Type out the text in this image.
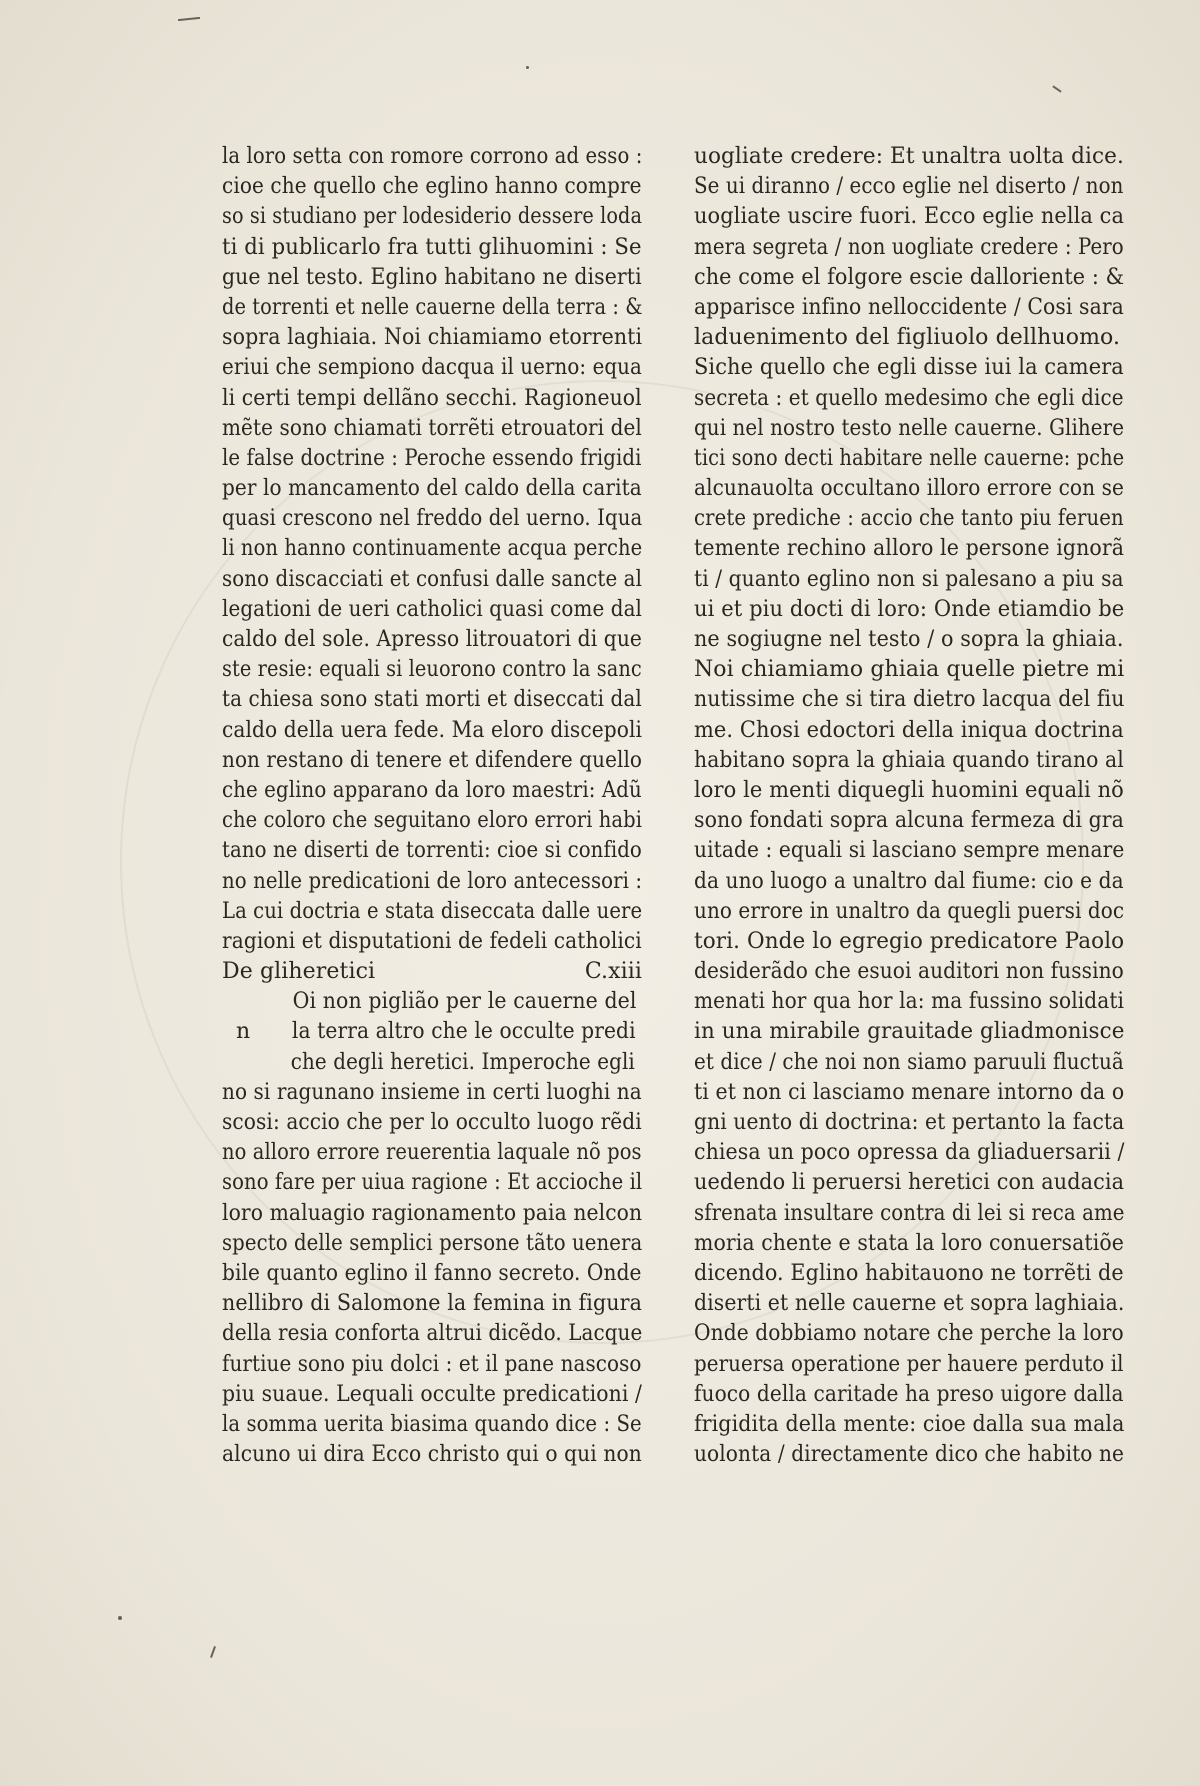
la loro setta con romore corrono ad esso :
cioe che quello che eglino hanno compre
so si studiano per lodesiderio dessere loda
ti di publicarlo fra tutti glihuomini : Se
gue nel testo. Eglino habitano ne diserti
de torrenti et nelle cauerne della terra : &
sopra laghiaia. Noi chiamiamo etorrenti
eriui che sempiono dacqua il uerno: equa
li certi tempi dellãno secchi. Ragioneuol
mẽte sono chiamati torrẽti etrouatori del
le false doctrine : Peroche essendo frigidi
per lo mancamento del caldo della carita
quasi crescono nel freddo del uerno. Iqua
li non hanno continuamente acqua perche
sono discacciati et confusi dalle sancte al
legationi de ueri catholici quasi come dal
caldo del sole. Apresso litrouatori di que
ste resie: equali si leuorono contro la sanc
ta chiesa sono stati morti et diseccati dal
caldo della uera fede. Ma eloro discepoli
non restano di tenere et difendere quello
che eglino apparano da loro maestri: Adũ
che coloro che seguitano eloro errori habi
tano ne diserti de torrenti: cioe si confido
no nelle predicationi de loro antecessori :
La cui doctria e stata diseccata dalle uere
ragioni et disputationi de fedeli catholici
De gliheretici	C.xiii
n
Oi non piglião per le cauerne del
la terra altro che le occulte predi
che degli heretici. Imperoche egli
no si ragunano insieme in certi luoghi na
scosi: accio che per lo occulto luogo rẽdi
no alloro errore reuerentia laquale nõ pos
sono fare per uiua ragione : Et accioche il
loro maluagio ragionamento paia nelcon
specto delle semplici persone tãto uenera
bile quanto eglino il fanno secreto. Onde
nellibro di Salomone la femina in figura
della resia conforta altrui dicẽdo. Lacque
furtiue sono piu dolci : et il pane nascoso
piu suaue. Lequali occulte predicationi /
la somma uerita biasima quando dice : Se
alcuno ui dira Ecco christo qui o qui non
uogliate credere: Et unaltra uolta dice.
Se ui diranno / ecco eglie nel diserto / non
uogliate uscire fuori. Ecco eglie nella ca
mera segreta / non uogliate credere : Pero
che come el folgore escie dalloriente : &
apparisce infino nelloccidente / Cosi sara
laduenimento del figliuolo dellhuomo.
Siche quello che egli disse iui la camera
secreta : et quello medesimo che egli dice
qui nel nostro testo nelle cauerne. Glihere
tici sono decti habitare nelle cauerne: pche
alcunauolta occultano illoro errore con se
crete prediche : accio che tanto piu feruen
temente rechino alloro le persone ignorã
ti / quanto eglino non si palesano a piu sa
ui et piu docti di loro: Onde etiamdio be
ne sogiugne nel testo / o sopra la ghiaia.
Noi chiamiamo ghiaia quelle pietre mi
nutissime che si tira dietro lacqua del fiu
me. Chosi edoctori della iniqua doctrina
habitano sopra la ghiaia quando tirano al
loro le menti diquegli huomini equali nõ
sono fondati sopra alcuna fermeza di gra
uitade : equali si lasciano sempre menare
da uno luogo a unaltro dal fiume: cio e da
uno errore in unaltro da quegli puersi doc
tori. Onde lo egregio predicatore Paolo
desiderãdo che esuoi auditori non fussino
menati hor qua hor la: ma fussino solidati
in una mirabile grauitade gliadmonisce
et dice / che noi non siamo paruuli fluctuã
ti et non ci lasciamo menare intorno da o
gni uento di doctrina: et pertanto la facta
chiesa un poco opressa da gliaduersarii /
uedendo li peruersi heretici con audacia
sfrenata insultare contra di lei si reca ame
moria chente e stata la loro conuersatiõe
dicendo. Eglino habitauono ne torrẽti de
diserti et nelle cauerne et sopra laghiaia.
Onde dobbiamo notare che perche la loro
peruersa operatione per hauere perduto il
fuoco della caritade ha preso uigore dalla
frigidita della mente: cioe dalla sua mala
uolonta / directamente dico che habito ne
